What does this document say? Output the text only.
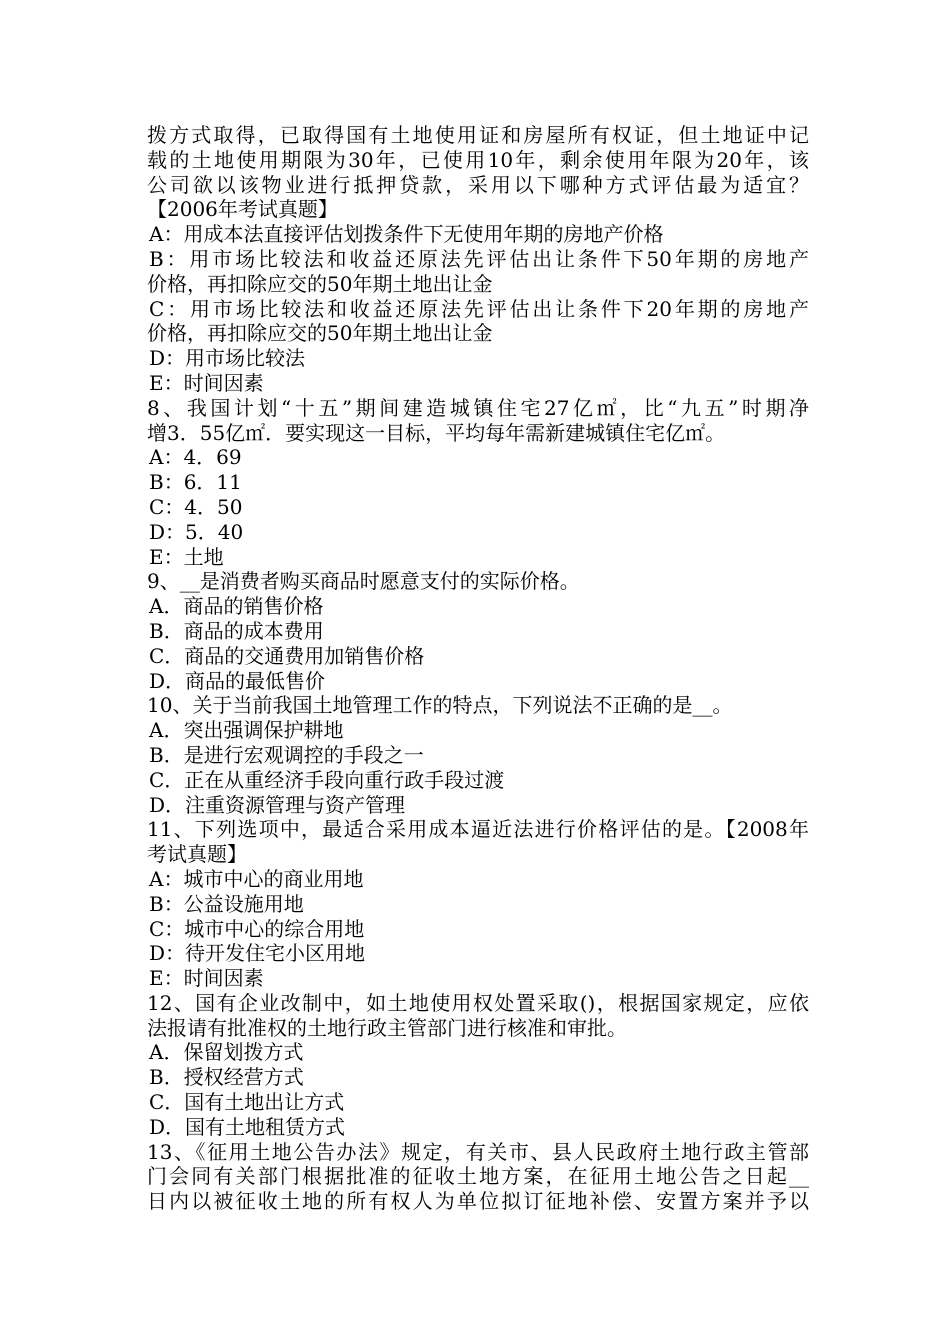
拨方式取得，已取得国有土地使用证和房屋所有权证，但土地证中记
载的土地使用期限为30年，已使用10年，剩余使用年限为20年，该
公司欲以该物业进行抵押贷款，采用以下哪种方式评估最为适宜？
【2006年考试真题】
A：用成本法直接评估划拨条件下无使用年期的房地产价格
B：用市场比较法和收益还原法先评估出让条件下50年期的房地产
价格，再扣除应交的50年期土地出让金
C：用市场比较法和收益还原法先评估出让条件下20年期的房地产
价格，再扣除应交的50年期土地出让金
D：用市场比较法
E：时间因素
8、我国计划“十五”期间建造城镇住宅27亿㎡，比“九五”时期净
增3．55亿㎡．要实现这一目标，平均每年需新建城镇住宅亿㎡。
A：4．69
B：6．11
C：4．50
D：5．40
E：土地
9、__是消费者购买商品时愿意支付的实际价格。
A．商品的销售价格
B．商品的成本费用
C．商品的交通费用加销售价格
D．商品的最低售价
10、关于当前我国土地管理工作的特点，下列说法不正确的是__。
A．突出强调保护耕地
B．是进行宏观调控的手段之一
C．正在从重经济手段向重行政手段过渡
D．注重资源管理与资产管理
11、下列选项中，最适合采用成本逼近法进行价格评估的是。【2008年
考试真题】
A：城市中心的商业用地
B：公益设施用地
C：城市中心的综合用地
D：待开发住宅小区用地
E：时间因素
12、国有企业改制中，如土地使用权处置采取()，根据国家规定，应依
法报请有批准权的土地行政主管部门进行核准和审批。
A．保留划拨方式
B．授权经营方式
C．国有土地出让方式
D．国有土地租赁方式
13、《征用土地公告办法》规定，有关市、县人民政府土地行政主管部
门会同有关部门根据批准的征收土地方案，在征用土地公告之日起__
日内以被征收土地的所有权人为单位拟订征地补偿、安置方案并予以
